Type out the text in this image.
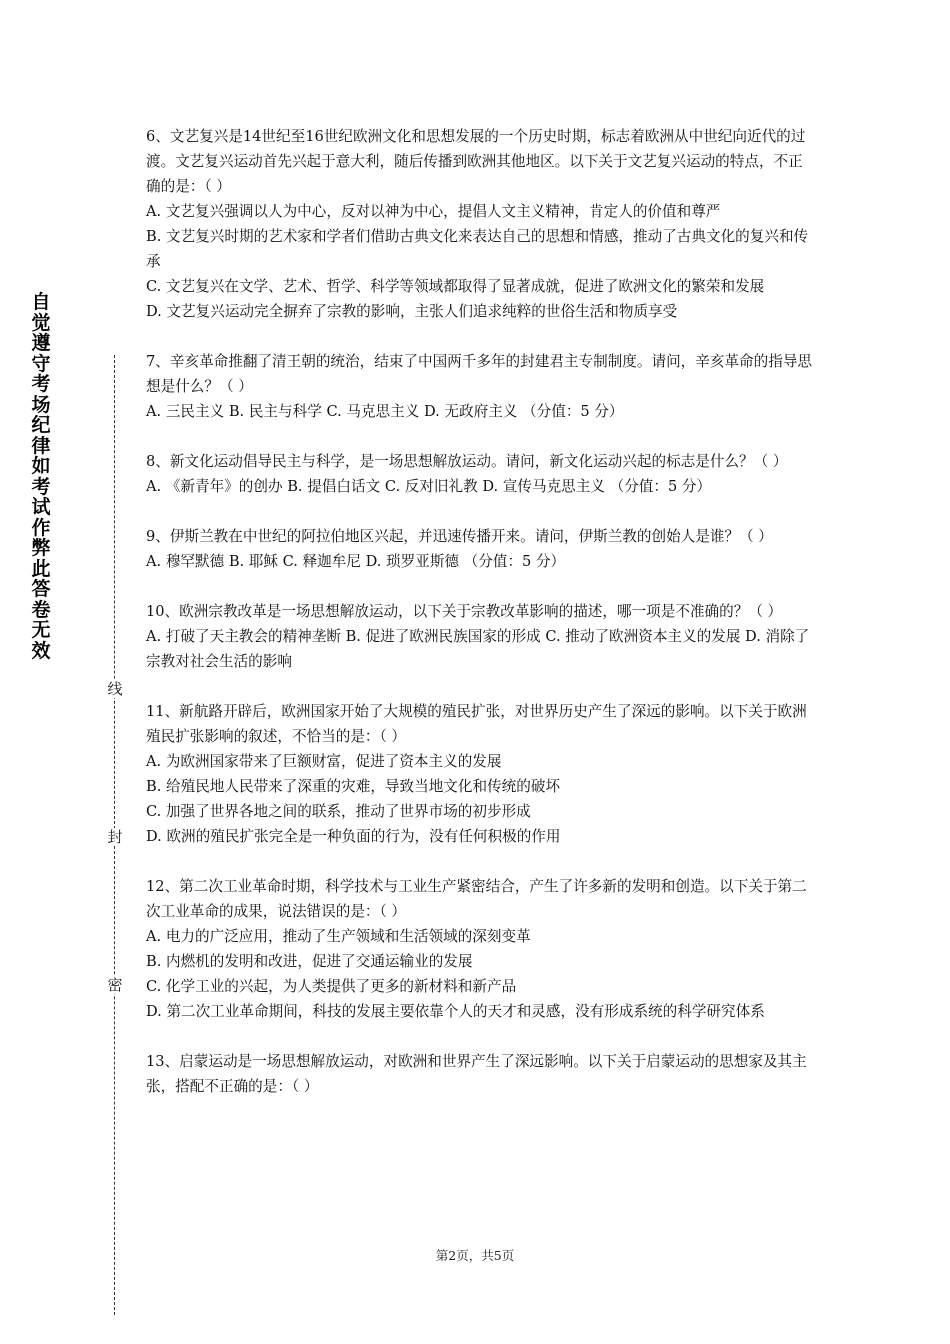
自觉遵守考场纪律如考试作弊此答卷无效
线
封
密

6、文艺复兴是14世纪至16世纪欧洲文化和思想发展的一个历史时期，标志着欧洲从中世纪向近代的过渡。文艺复兴运动首先兴起于意大利，随后传播到欧洲其他地区。以下关于文艺复兴运动的特点，不正确的是：（ ）

A. 文艺复兴强调以人为中心，反对以神为中心，提倡人文主义精神，肯定人的价值和尊严

B. 文艺复兴时期的艺术家和学者们借助古典文化来表达自己的思想和情感，推动了古典文化的复兴和传承

C. 文艺复兴在文学、艺术、哲学、科学等领域都取得了显著成就，促进了欧洲文化的繁荣和发展

D. 文艺复兴运动完全摒弃了宗教的影响，主张人们追求纯粹的世俗生活和物质享受

7、辛亥革命推翻了清王朝的统治，结束了中国两千多年的封建君主专制制度。请问，辛亥革命的指导思想是什么？（ ）

A. 三民主义 B. 民主与科学 C. 马克思主义 D. 无政府主义 （分值：5 分）

8、新文化运动倡导民主与科学，是一场思想解放运动。请问，新文化运动兴起的标志是什么？（ ）

A. 《新青年》的创办 B. 提倡白话文 C. 反对旧礼教 D. 宣传马克思主义 （分值：5 分）

9、伊斯兰教在中世纪的阿拉伯地区兴起，并迅速传播开来。请问，伊斯兰教的创始人是谁？（ ）

A. 穆罕默德 B. 耶稣 C. 释迦牟尼 D. 琐罗亚斯德 （分值：5 分）

10、欧洲宗教改革是一场思想解放运动，以下关于宗教改革影响的描述，哪一项是不准确的？（ ）

A. 打破了天主教会的精神垄断 B. 促进了欧洲民族国家的形成 C. 推动了欧洲资本主义的发展 D. 消除了宗教对社会生活的影响

11、新航路开辟后，欧洲国家开始了大规模的殖民扩张，对世界历史产生了深远的影响。以下关于欧洲殖民扩张影响的叙述，不恰当的是：（ ）

A. 为欧洲国家带来了巨额财富，促进了资本主义的发展

B. 给殖民地人民带来了深重的灾难，导致当地文化和传统的破坏

C. 加强了世界各地之间的联系，推动了世界市场的初步形成

D. 欧洲的殖民扩张完全是一种负面的行为，没有任何积极的作用

12、第二次工业革命时期，科学技术与工业生产紧密结合，产生了许多新的发明和创造。以下关于第二次工业革命的成果，说法错误的是：（ ）

A. 电力的广泛应用，推动了生产领域和生活领域的深刻变革

B. 内燃机的发明和改进，促进了交通运输业的发展

C. 化学工业的兴起，为人类提供了更多的新材料和新产品

D. 第二次工业革命期间，科技的发展主要依靠个人的天才和灵感，没有形成系统的科学研究体系

13、启蒙运动是一场思想解放运动，对欧洲和世界产生了深远影响。以下关于启蒙运动的思想家及其主张，搭配不正确的是：（ ）

第2页，共5页
